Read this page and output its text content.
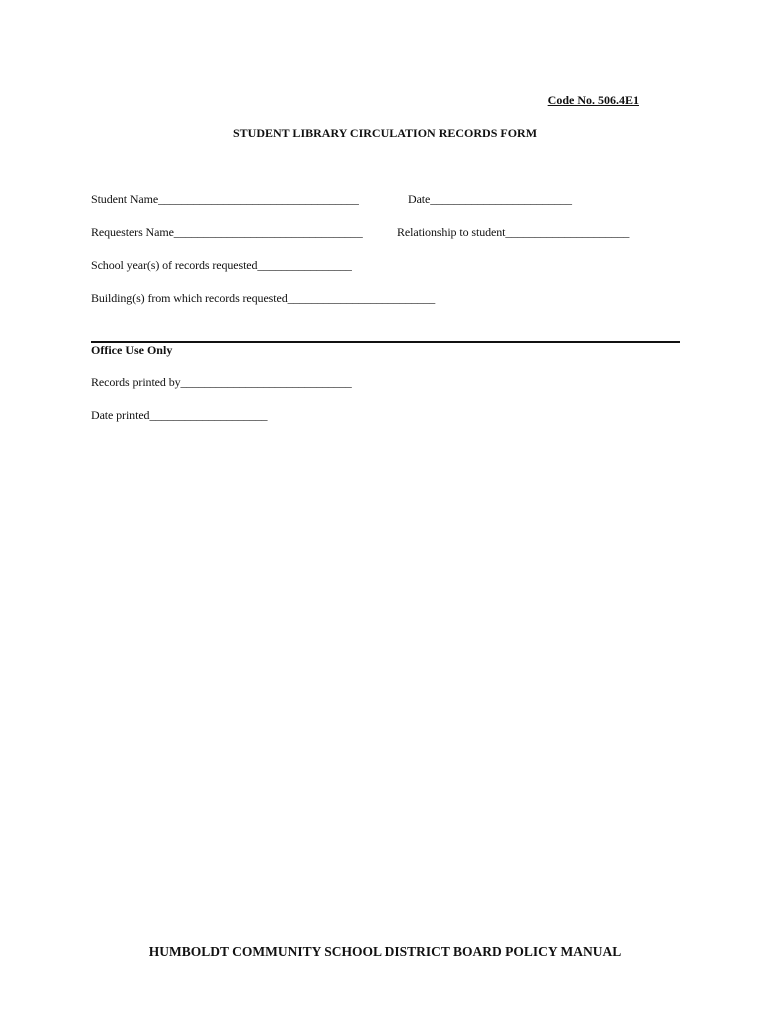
Code No. 506.4E1
STUDENT LIBRARY CIRCULATION RECORDS FORM
Student Name__________________________________	Date________________________
Requesters Name________________________________	Relationship to student_____________________
School year(s) of records requested________________
Building(s) from which records requested_________________________
Office Use Only
Records printed by_____________________________
Date printed____________________
HUMBOLDT COMMUNITY SCHOOL DISTRICT BOARD POLICY MANUAL
